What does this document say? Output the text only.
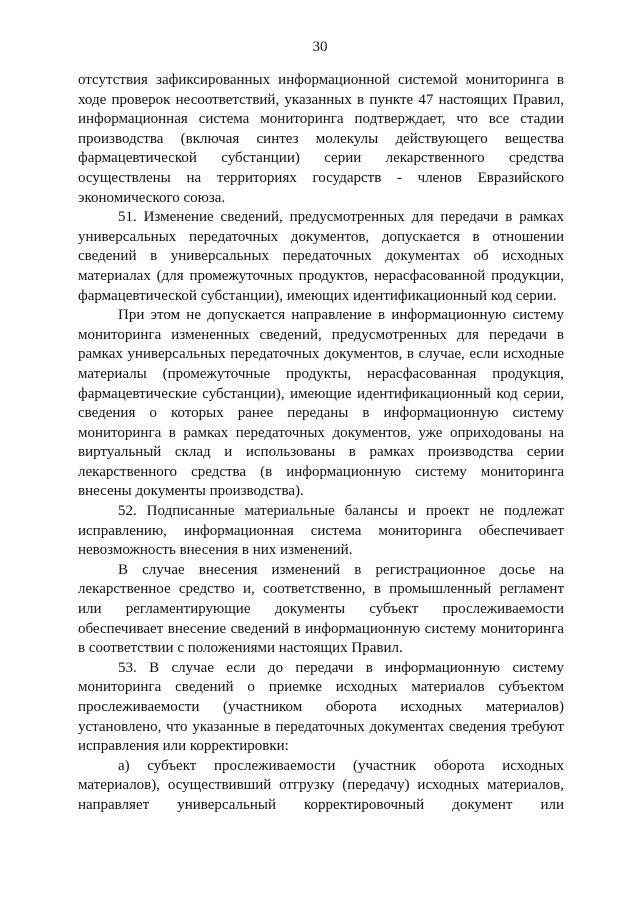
30

отсутствия зафиксированных информационной системой мониторинга в ходе проверок несоответствий, указанных в пункте 47 настоящих Правил, информационная система мониторинга подтверждает, что все стадии производства (включая синтез молекулы действующего вещества фармацевтической субстанции) серии лекарственного средства осуществлены на территориях государств - членов Евразийского экономического союза.

51. Изменение сведений, предусмотренных для передачи в рамках универсальных передаточных документов, допускается в отношении сведений в универсальных передаточных документах об исходных материалах (для промежуточных продуктов, нерасфасованной продукции, фармацевтической субстанции), имеющих идентификационный код серии.

При этом не допускается направление в информационную систему мониторинга измененных сведений, предусмотренных для передачи в рамках универсальных передаточных документов, в случае, если исходные материалы (промежуточные продукты, нерасфасованная продукция, фармацевтические субстанции), имеющие идентификационный код серии, сведения о которых ранее переданы в информационную систему мониторинга в рамках передаточных документов, уже оприходованы на виртуальный склад и использованы в рамках производства серии лекарственного средства (в информационную систему мониторинга внесены документы производства).

52. Подписанные материальные балансы и проект не подлежат исправлению, информационная система мониторинга обеспечивает невозможность внесения в них изменений.

В случае внесения изменений в регистрационное досье на лекарственное средство и, соответственно, в промышленный регламент или регламентирующие документы субъект прослеживаемости обеспечивает внесение сведений в информационную систему мониторинга в соответствии с положениями настоящих Правил.

53. В случае если до передачи в информационную систему мониторинга сведений о приемке исходных материалов субъектом прослеживаемости (участником оборота исходных материалов) установлено, что указанные в передаточных документах сведения требуют исправления или корректировки:

а) субъект прослеживаемости (участник оборота исходных материалов), осуществивший отгрузку (передачу) исходных материалов, направляет универсальный корректировочный документ или
